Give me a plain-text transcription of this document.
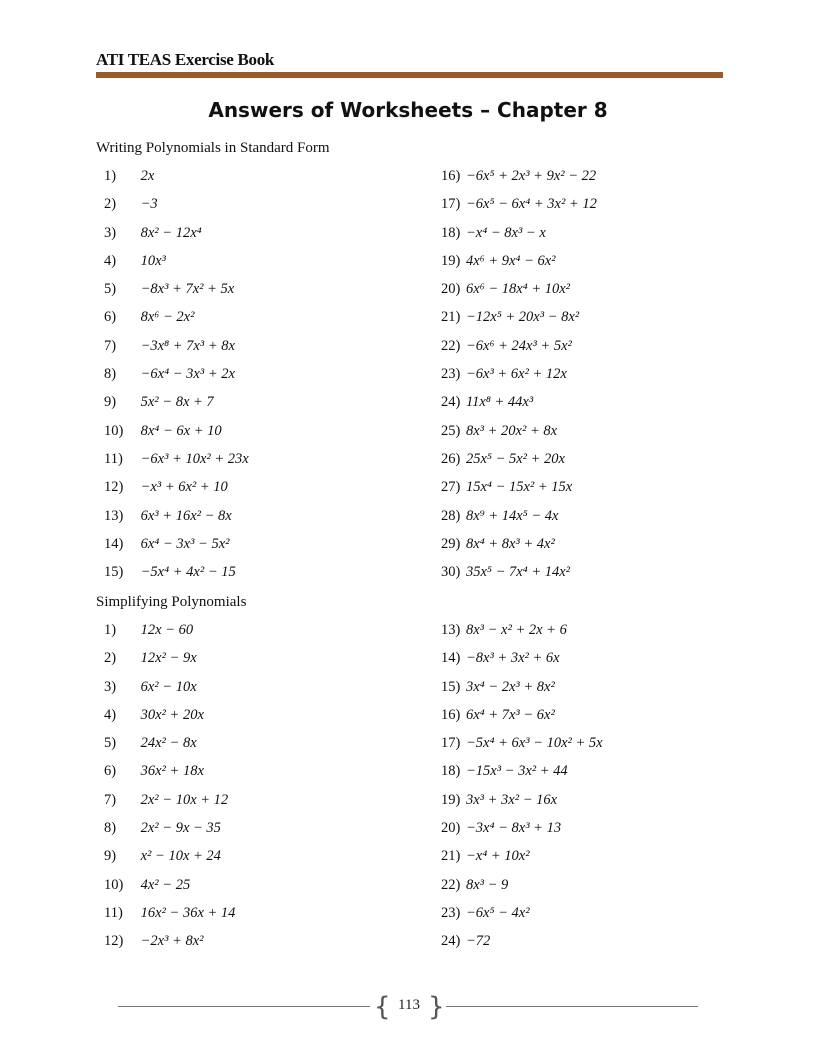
ATI TEAS Exercise Book
Answers of Worksheets – Chapter 8
Writing Polynomials in Standard Form
1) 2x
2) −3
3) 8x² − 12x⁴
4) 10x³
5) −8x³ + 7x² + 5x
6) 8x⁶ − 2x²
7) −3x⁸ + 7x³ + 8x
8) −6x⁴ − 3x³ + 2x
9) 5x² − 8x + 7
10) 8x⁴ − 6x + 10
11) −6x³ + 10x² + 23x
12) −x³ + 6x² + 10
13) 6x³ + 16x² − 8x
14) 6x⁴ − 3x³ − 5x²
15) −5x⁴ + 4x² − 15
16) −6x⁵ + 2x³ + 9x² − 22
17) −6x⁵ − 6x⁴ + 3x² + 12
18) −x⁴ − 8x³ − x
19) 4x⁶ + 9x⁴ − 6x²
20) 6x⁶ − 18x⁴ + 10x²
21) −12x⁵ + 20x³ − 8x²
22) −6x⁶ + 24x³ + 5x²
23) −6x³ + 6x² + 12x
24) 11x⁸ + 44x³
25) 8x³ + 20x² + 8x
26) 25x⁵ − 5x² + 20x
27) 15x⁴ − 15x² + 15x
28) 8x⁹ + 14x⁵ − 4x
29) 8x⁴ + 8x³ + 4x²
30) 35x⁵ − 7x⁴ + 14x²
Simplifying Polynomials
1) 12x − 60
2) 12x² − 9x
3) 6x² − 10x
4) 30x² + 20x
5) 24x² − 8x
6) 36x² + 18x
7) 2x² − 10x + 12
8) 2x² − 9x − 35
9) x² − 10x + 24
10) 4x² − 25
11) 16x² − 36x + 14
12) −2x³ + 8x²
13) 8x³ − x² + 2x + 6
14) −8x³ + 3x² + 6x
15) 3x⁴ − 2x³ + 8x²
16) 6x⁴ + 7x³ − 6x²
17) −5x⁴ + 6x³ − 10x² + 5x
18) −15x³ − 3x² + 44
19) 3x³ + 3x² − 16x
20) −3x⁴ − 8x³ + 13
21) −x⁴ + 10x²
22) 8x³ − 9
23) −6x⁵ − 4x²
24) −72
{ }
113
